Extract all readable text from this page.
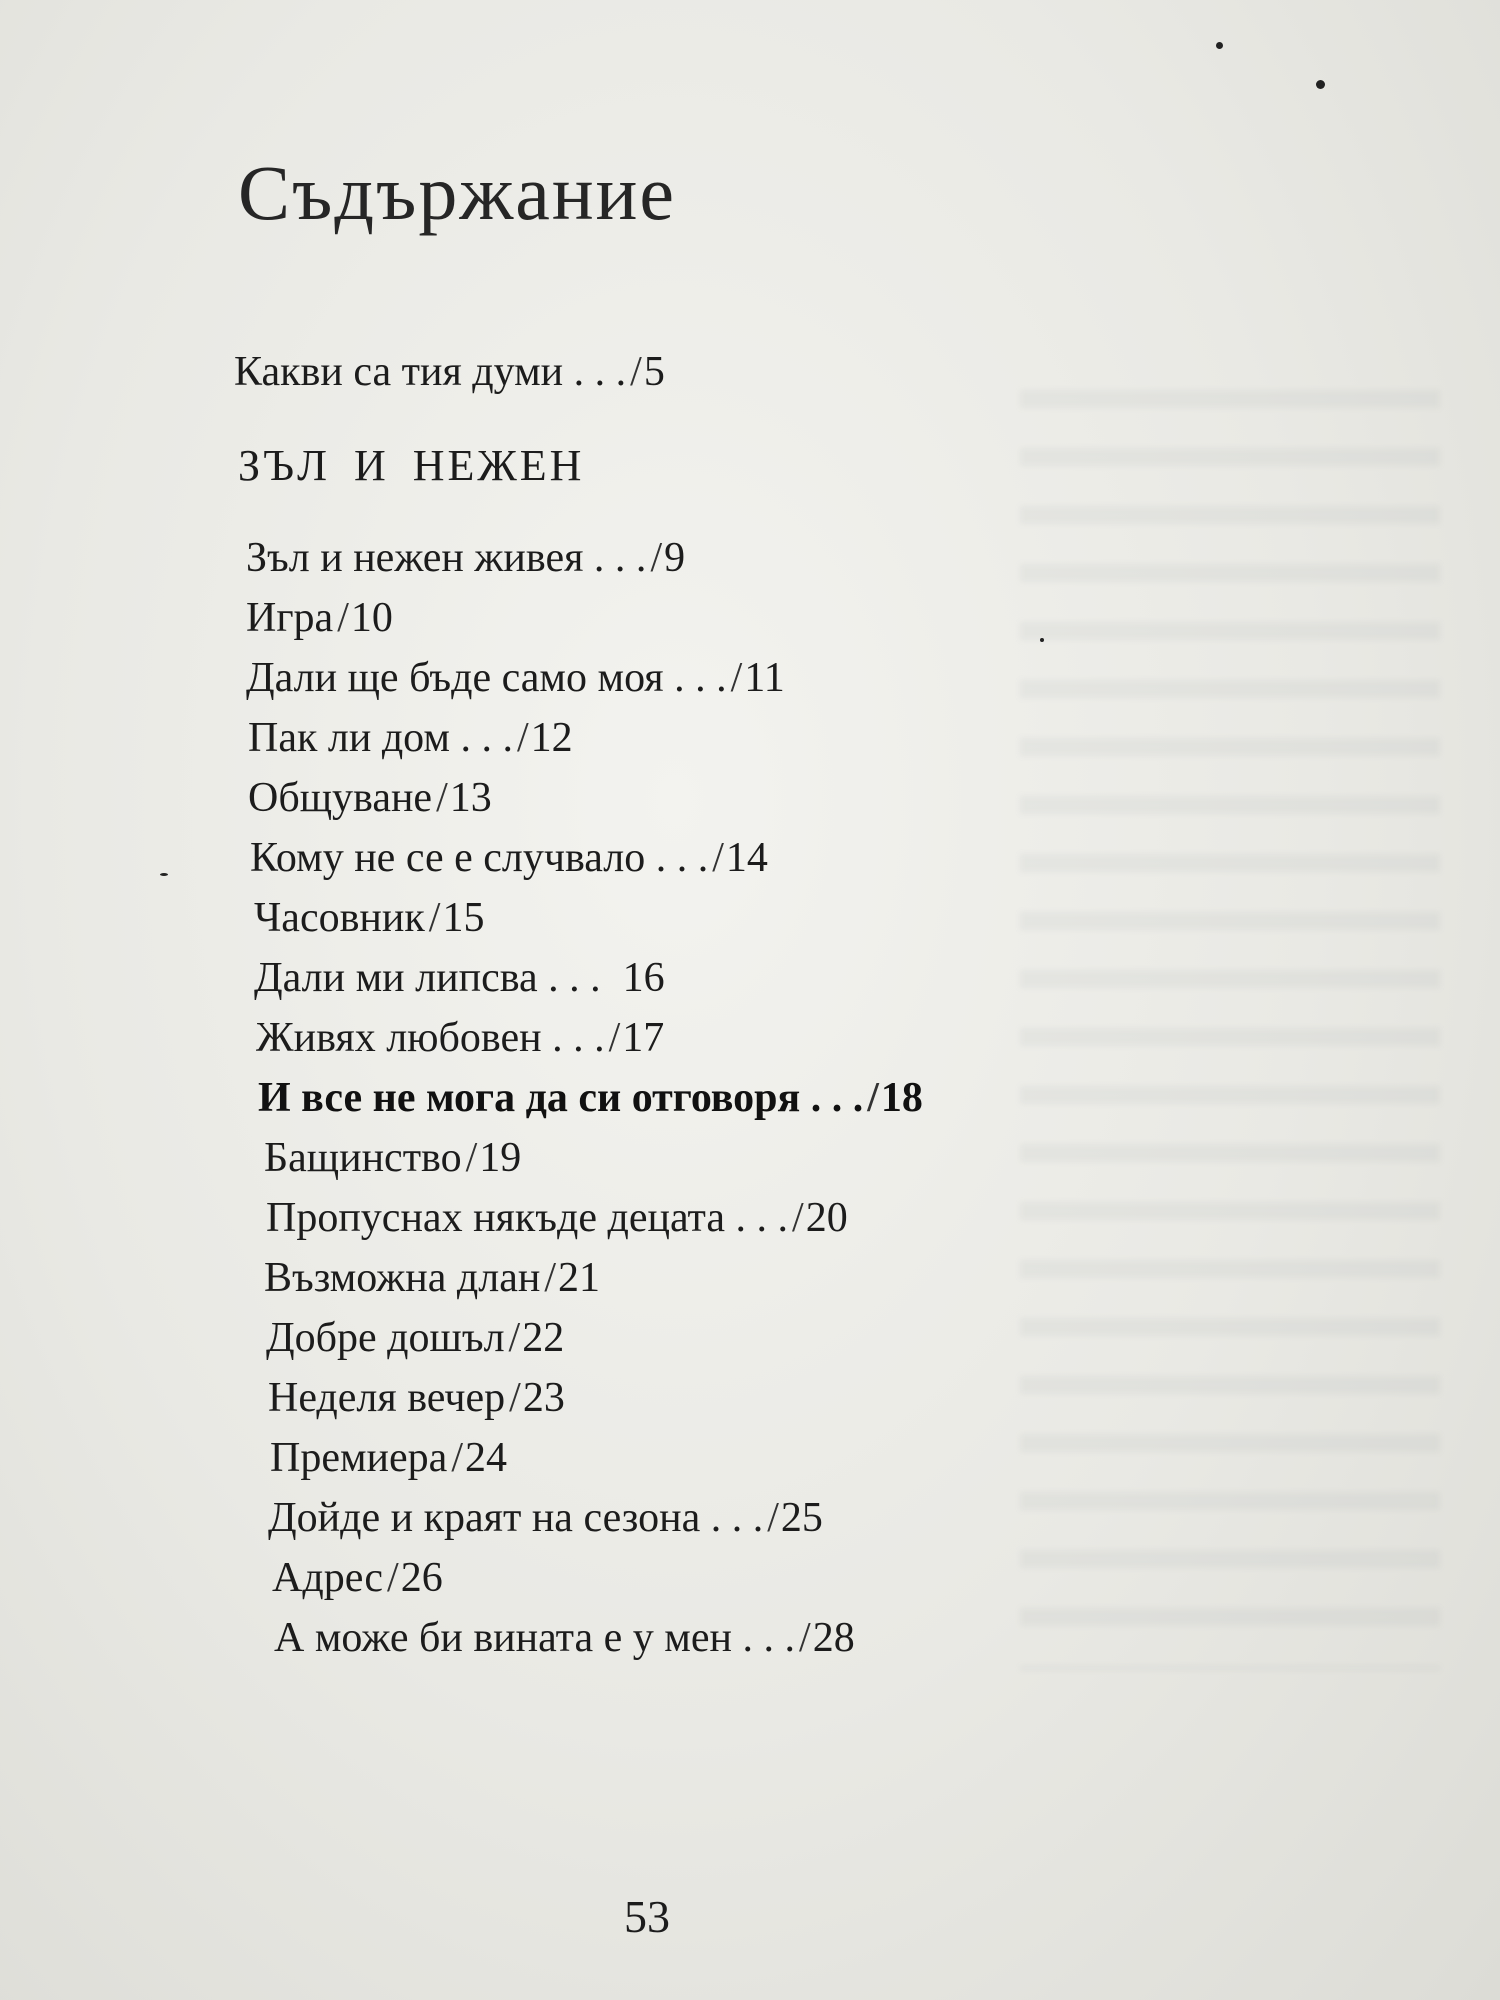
Съдържание
Какви са тия думи . . ./5
ЗЪЛ И НЕЖЕН
Зъл и нежен живея . . ./9
Игра/10
Дали ще бъде само моя . . ./11
Пак ли дом . . ./12
Общуване/13
Кому не се е случвало . . ./14
Часовник/15
Дали ми липсва . . . 16
Живях любовен . . ./17
И все не мога да си отговоря . . ./18
Бащинство/19
Пропуснах някъде децата . . ./20
Възможна длан/21
Добре дошъл/22
Неделя вечер/23
Премиера/24
Дойде и краят на сезона . . ./25
Адрес/26
А може би вината е у мен . . ./28
53
